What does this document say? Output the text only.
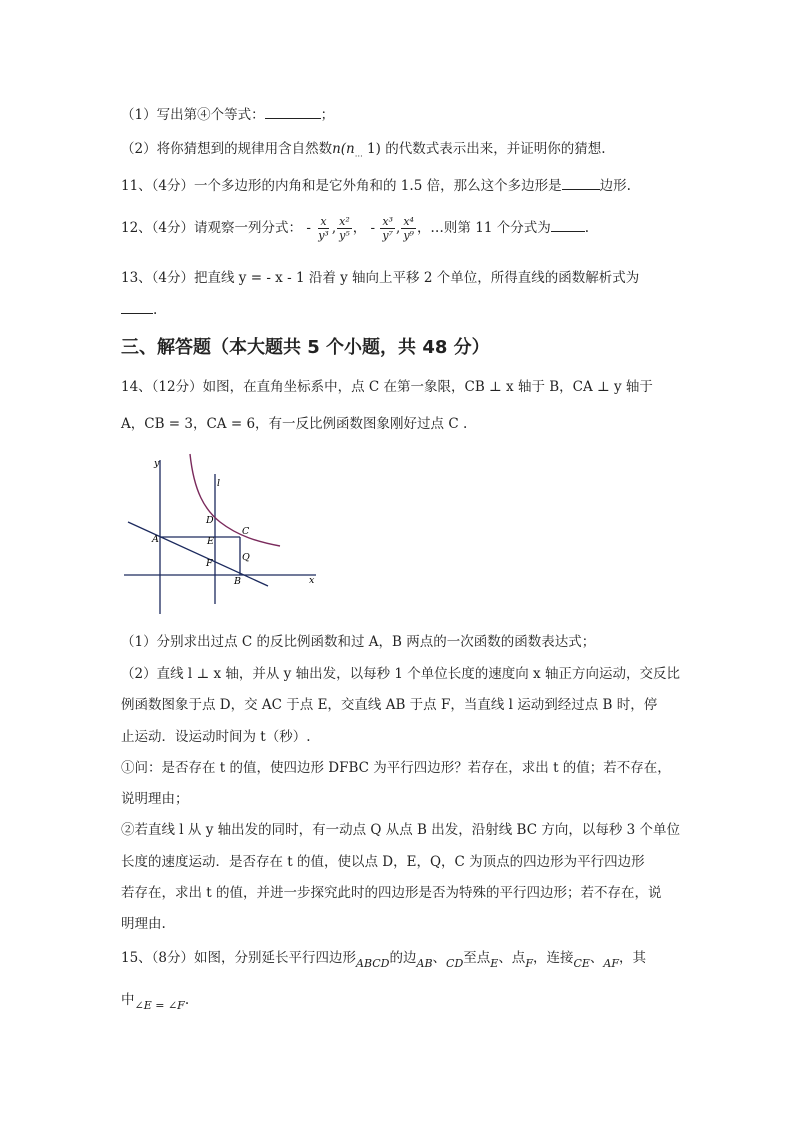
（1）写出第④个等式：	；
（2）将你猜想到的规律用含自然数$n(n_\dots$ 1) 的代数式表示出来，并证明你的猜想.
11、（4分）一个多边形的内角和是它外角和的 1.5 倍，那么这个多边形是	边形.
12、（4分）请观察一列分式： - $\frac{x}{\text{y³}}$ , $\frac{\text{x²}}{\text{y⁵}}$ ， - $\frac{\text{x³}}{\text{y⁷}}$ , $\frac{\text{x⁴}}{\text{y⁹}}$ ，…则第 11 个分式为	.
13、（4分）把直线 y = - x - 1 沿着 y 轴向上平移 2 个单位，所得直线的函数解析式为
.
三、解答题（本大题共 5 个小题，共 48 分）
14、（12分）如图，在直角坐标系中，点 C 在第一象限，CB ⊥ x 轴于 B，CA ⊥ y 轴于
A，CB = 3，CA = 6，有一反比例函数图象刚好过点 C .
y
x
l
D
C
A	E
Q
F
B
（1）分别求出过点 C 的反比例函数和过 A，B 两点的一次函数的函数表达式；
（2）直线 l ⊥ x 轴，并从 y 轴出发，以每秒 1 个单位长度的速度向 x 轴正方向运动，交反比
例函数图象于点 D，交 AC 于点 E，交直线 AB 于点 F，当直线 l 运动到经过点 B 时，停
止运动．设运动时间为 t（秒）.
①问：是否存在 t 的值，使四边形 DFBC 为平行四边形？若存在，求出 t 的值；若不存在，
说明理由；
②若直线 l 从 y 轴出发的同时，有一动点 Q 从点 B 出发，沿射线 BC 方向，以每秒 3 个单位
长度的速度运动．是否存在 t 的值，使以点 D，E，Q，C 为顶点的四边形为平行四边形
若存在，求出 t 的值，并进一步探究此时的四边形是否为特殊的平行四边形；若不存在，说
明理由.
15、（8分）如图，分别延长平行四边形$_{ABCD}$的边$_{AB}$、$_{CD}$至点$_E$、点$_F$，连接$_{CE}$、$_{AF}$，其
中$_{\angle E = \angle F}$.
